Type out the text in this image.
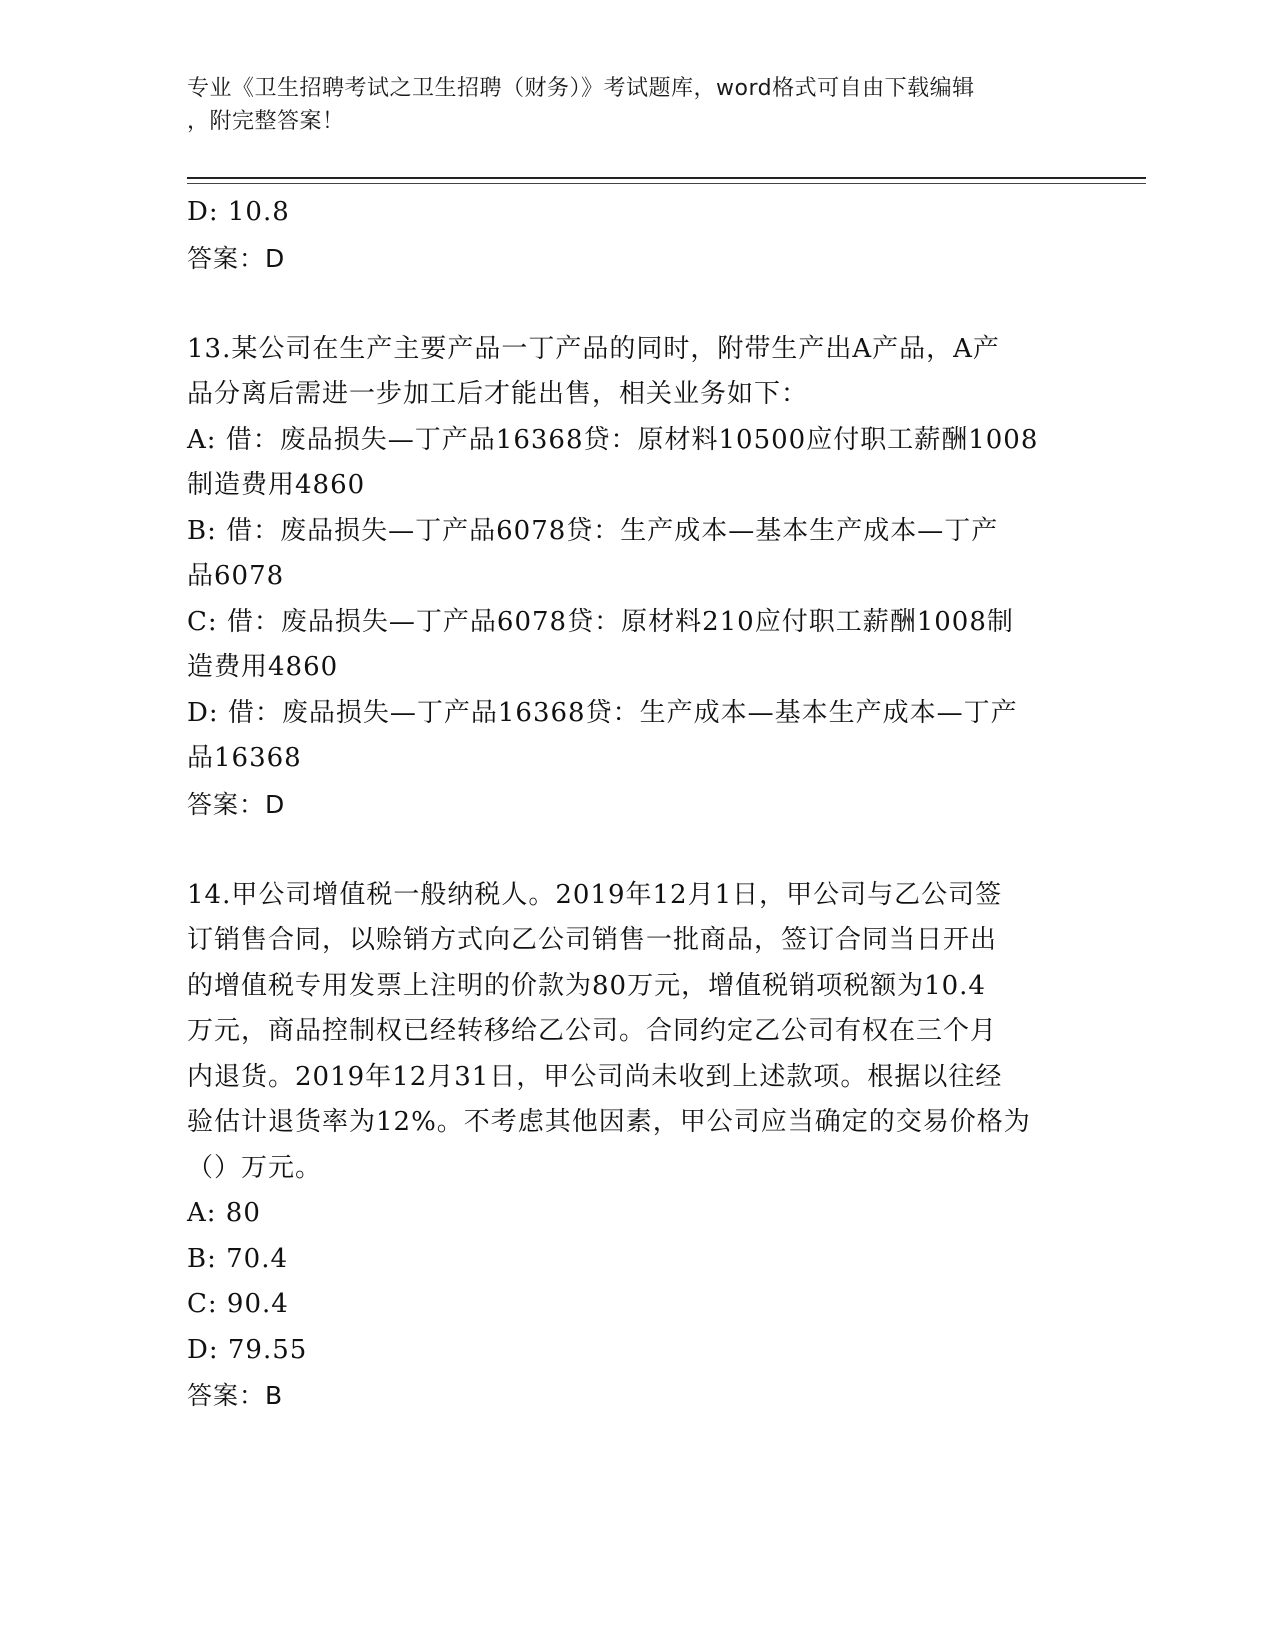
专业《卫生招聘考试之卫生招聘（财务）》考试题库，word格式可自由下载编辑
，附完整答案！
D: 10.8
答案：D
13.某公司在生产主要产品一丁产品的同时，附带生产出A产品，A产
品分离后需进一步加工后才能出售，相关业务如下：
A: 借：废品损失—丁产品16368贷：原材料10500应付职工薪酬1008
制造费用4860
B: 借：废品损失—丁产品6078贷：生产成本—基本生产成本—丁产
品6078
C: 借：废品损失—丁产品6078贷：原材料210应付职工薪酬1008制
造费用4860
D: 借：废品损失—丁产品16368贷：生产成本—基本生产成本—丁产
品16368
答案：D
14.甲公司增值税一般纳税人。2019年12月1日，甲公司与乙公司签
订销售合同，以赊销方式向乙公司销售一批商品，签订合同当日开出
的增值税专用发票上注明的价款为80万元，增值税销项税额为10.4
万元，商品控制权已经转移给乙公司。合同约定乙公司有权在三个月
内退货。2019年12月31日，甲公司尚未收到上述款项。根据以往经
验估计退货率为12%。不考虑其他因素，甲公司应当确定的交易价格为
（）万元。
A: 80
B: 70.4
C: 90.4
D: 79.55
答案：B
